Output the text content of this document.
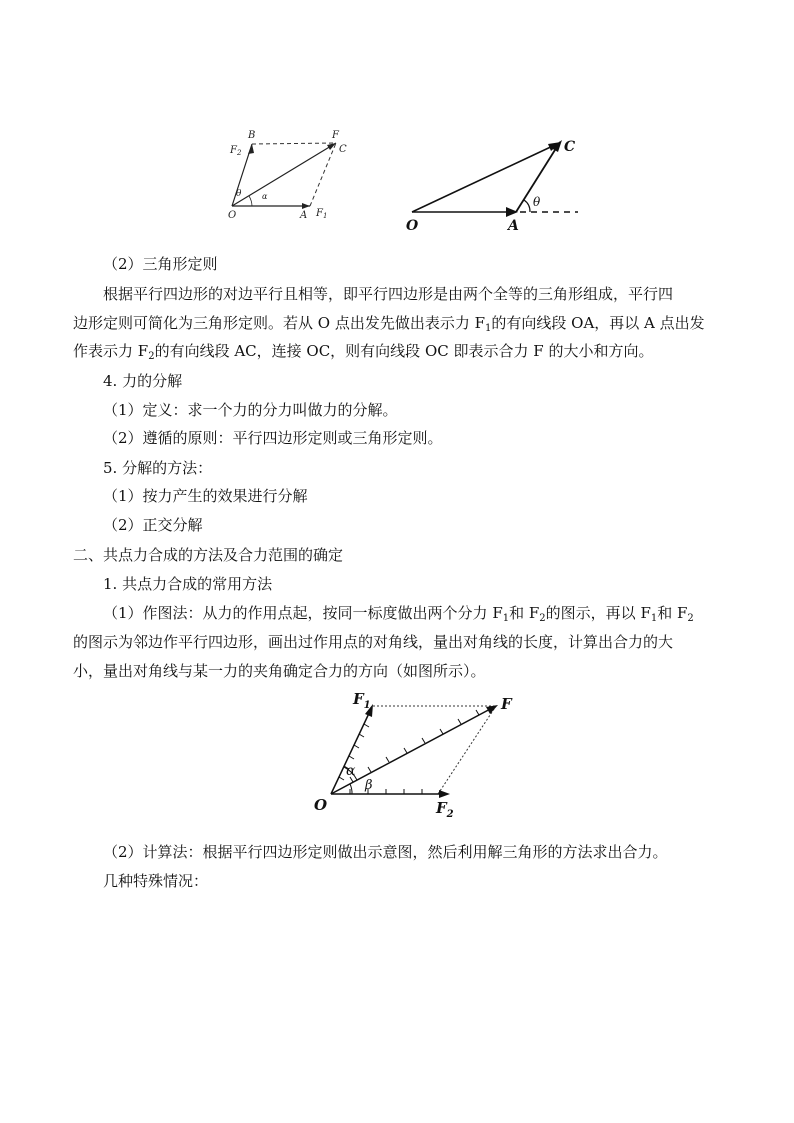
B	F
$F_2$	C
θ	α
O	A $F_1$
C
θ
O	A
（2）三角形定则
根据平行四边形的对边平行且相等，即平行四边形是由两个全等的三角形组成，平行四
边形定则可简化为三角形定则。若从 O 点出发先做出表示力 $F_1$的有向线段 OA，再以 A 点出发
作表示力 $F_2$的有向线段 AC，连接 OC，则有向线段 OC 即表示合力 F 的大小和方向。
4. 力的分解
（1）定义：求一个力的分力叫做力的分解。
（2）遵循的原则：平行四边形定则或三角形定则。
5. 分解的方法：
（1）按力产生的效果进行分解
（2）正交分解
二、共点力合成的方法及合力范围的确定
1. 共点力合成的常用方法
（1）作图法：从力的作用点起，按同一标度做出两个分力 $F_1$和 $F_2$的图示，再以 $F_1$和 $F_2$
的图示为邻边作平行四边形，画出过作用点的对角线，量出对角线的长度，计算出合力的大
小，量出对角线与某一力的夹角确定合力的方向（如图所示）。
$F_1$	F
α
β
O	$F_2$
（2）计算法：根据平行四边形定则做出示意图，然后利用解三角形的方法求出合力。
几种特殊情况：
